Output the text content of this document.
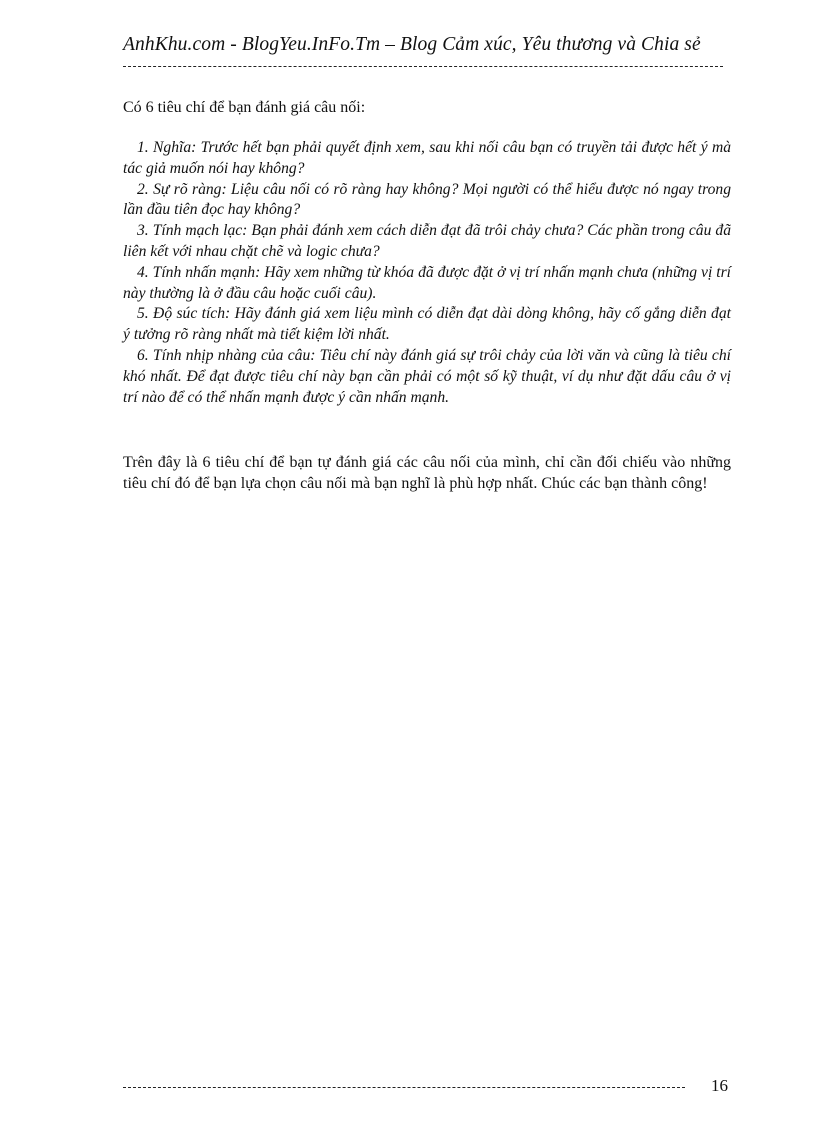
AnhKhu.com - BlogYeu.InFo.Tm – Blog Cảm xúc, Yêu thương và Chia sẻ
Có 6 tiêu chí để bạn đánh giá câu nối:

1. Nghĩa: Trước hết bạn phải quyết định xem, sau khi nối câu bạn có truyền tải được hết ý mà tác giả muốn nói hay không?

2. Sự rõ ràng: Liệu câu nối có rõ ràng hay không? Mọi người có thể hiểu được nó ngay trong lần đầu tiên đọc hay không?

3. Tính mạch lạc: Bạn phải đánh xem cách diễn đạt đã trôi chảy chưa? Các phần trong câu đã liên kết với nhau chặt chẽ và logic chưa?

4. Tính nhấn mạnh: Hãy xem những từ khóa đã được đặt ở vị trí nhấn mạnh chưa (những vị trí này thường là ở đầu câu hoặc cuối câu).

5. Độ súc tích: Hãy đánh giá xem liệu mình có diễn đạt dài dòng không, hãy cố gắng diễn đạt ý tưởng rõ ràng nhất mà tiết kiệm lời nhất.

6. Tính nhịp nhàng của câu: Tiêu chí này đánh giá sự trôi chảy của lời văn và cũng là tiêu chí khó nhất. Để đạt được tiêu chí này bạn cần phải có một số kỹ thuật, ví dụ như đặt dấu câu ở vị trí nào để có thể nhấn mạnh được ý cần nhấn mạnh.

Trên đây là 6 tiêu chí để bạn tự đánh giá các câu nối của mình, chỉ cần đối chiếu vào những tiêu chí đó để bạn lựa chọn câu nối mà bạn nghĩ là phù hợp nhất. Chúc các bạn thành công!

16
